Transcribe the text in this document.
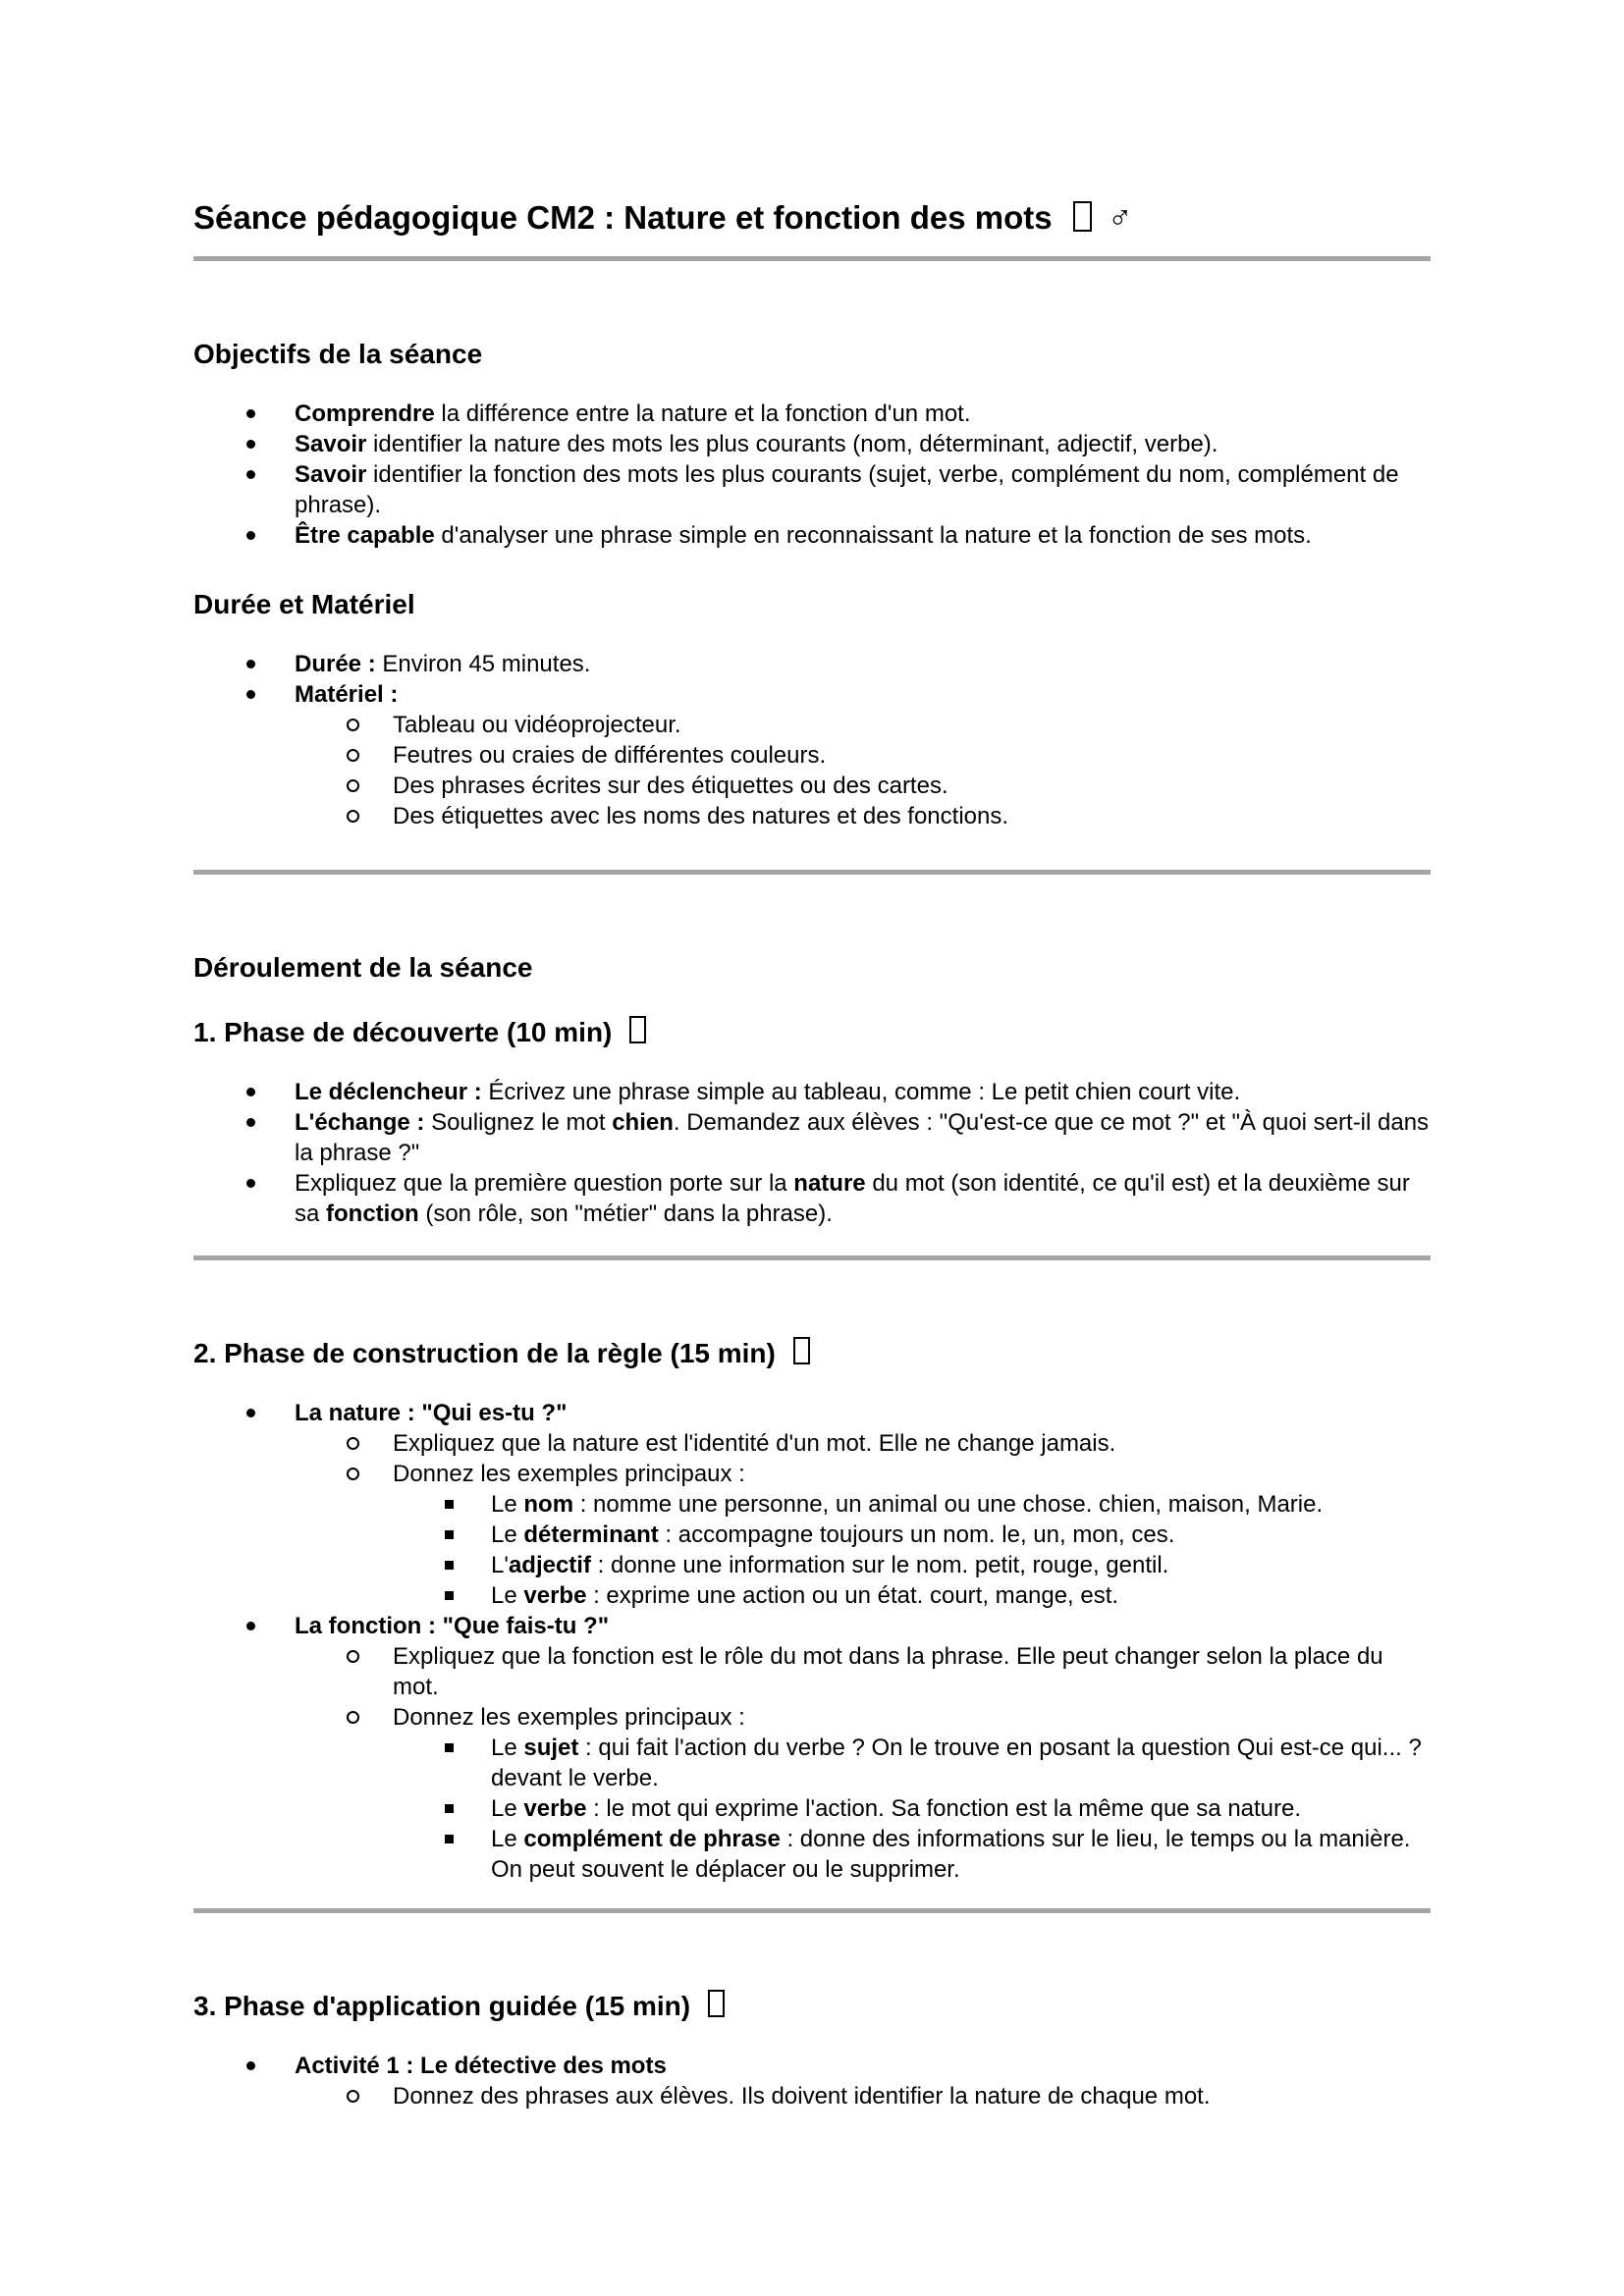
Séance pédagogique CM2 : Nature et fonction des mots ♂
Objectifs de la séance
Comprendre la différence entre la nature et la fonction d'un mot.
Savoir identifier la nature des mots les plus courants (nom, déterminant, adjectif, verbe).
Savoir identifier la fonction des mots les plus courants (sujet, verbe, complément du nom, complément de phrase).
Être capable d'analyser une phrase simple en reconnaissant la nature et la fonction de ses mots.
Durée et Matériel
Durée : Environ 45 minutes.
Matériel :
Tableau ou vidéoprojecteur.
Feutres ou craies de différentes couleurs.
Des phrases écrites sur des étiquettes ou des cartes.
Des étiquettes avec les noms des natures et des fonctions.
Déroulement de la séance
1. Phase de découverte (10 min)
Le déclencheur : Écrivez une phrase simple au tableau, comme : Le petit chien court vite.
L'échange : Soulignez le mot chien. Demandez aux élèves : "Qu'est-ce que ce mot ?" et "À quoi sert-il dans la phrase ?"
Expliquez que la première question porte sur la nature du mot (son identité, ce qu'il est) et la deuxième sur sa fonction (son rôle, son "métier" dans la phrase).
2. Phase de construction de la règle (15 min)
La nature : "Qui es-tu ?"
Expliquez que la nature est l'identité d'un mot. Elle ne change jamais.
Donnez les exemples principaux :
Le nom : nomme une personne, un animal ou une chose. chien, maison, Marie.
Le déterminant : accompagne toujours un nom. le, un, mon, ces.
L'adjectif : donne une information sur le nom. petit, rouge, gentil.
Le verbe : exprime une action ou un état. court, mange, est.
La fonction : "Que fais-tu ?"
Expliquez que la fonction est le rôle du mot dans la phrase. Elle peut changer selon la place du mot.
Donnez les exemples principaux :
Le sujet : qui fait l'action du verbe ? On le trouve en posant la question Qui est-ce qui... ? devant le verbe.
Le verbe : le mot qui exprime l'action. Sa fonction est la même que sa nature.
Le complément de phrase : donne des informations sur le lieu, le temps ou la manière. On peut souvent le déplacer ou le supprimer.
3. Phase d'application guidée (15 min)
Activité 1 : Le détective des mots
Donnez des phrases aux élèves. Ils doivent identifier la nature de chaque mot.
